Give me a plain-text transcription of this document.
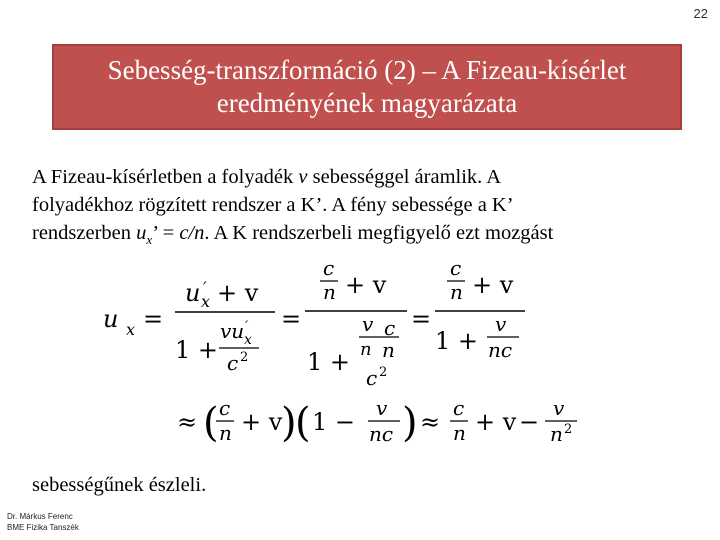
22
Sebesség-transzformáció (2) – A Fizeau-kísérlet
eredményének magyarázata

A Fizeau-kísérletben a folyadék v sebességgel áramlik. A

folyadékhoz rögzített rendszer a K’. A fény sebessége a K’

rendszerben $u_x$’ = c/n. A K rendszerbeli megfigyelő ezt mozgást

u x =
u ′
x + v
1 +
vu ′
x
c 2
=
c
n + v
v c
n n
1 +
c 2
=
c
n + v
1 +
v
nc
≈ ( c
n + v
)
( 1 − v
nc ) ≈ c
n + v − v
n 2
sebességűnek észleli.
Dr. Márkus Ferenc
BME Fizika Tanszék
